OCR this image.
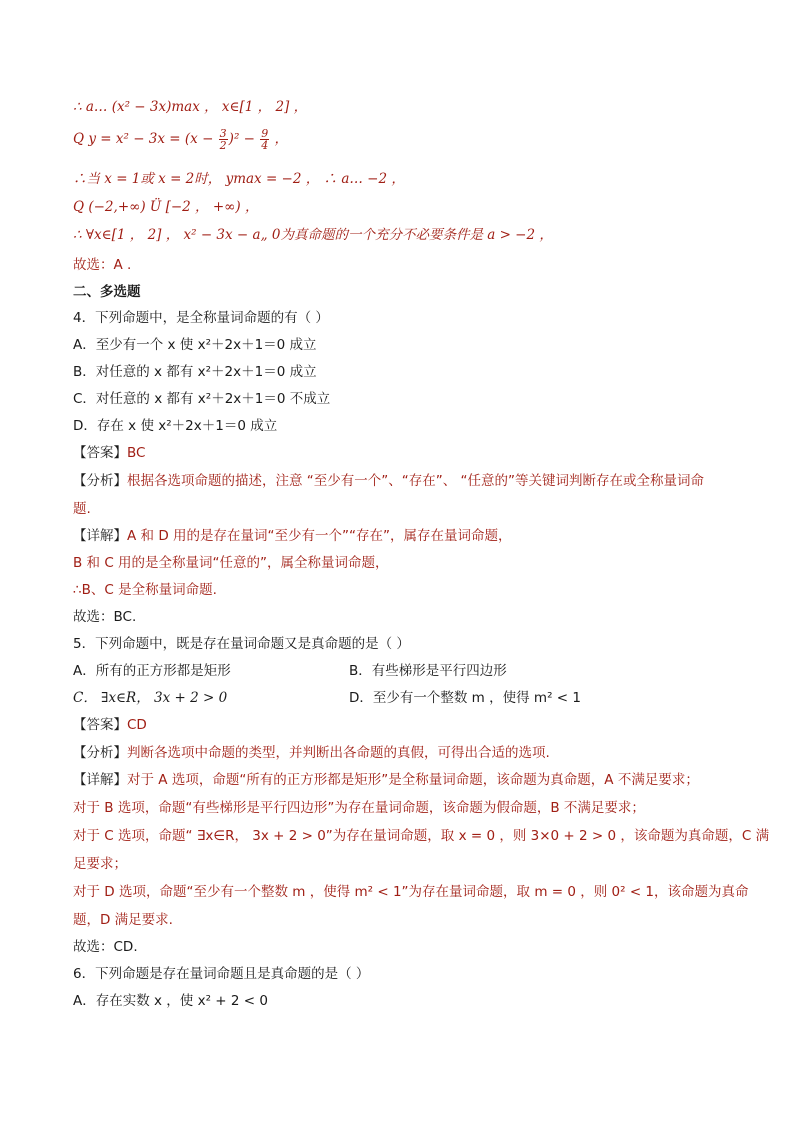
∴ a… (x² − 3x)max ， x∈[1 ， 2] ，
Q $y = x^2 - 3x = (x - \frac{3}{2} )^2 - \frac{9}{4}$ ，
∴当 x = 1或 x = 2时， ymax = −2 ， ∴ a… −2 ，
Q (−2,+∞) Ü [−2 ， +∞) ，
∴ ∀x∈[1 ， 2] ， x² − 3x − a„ 0为真命题的一个充分不必要条件是 a > −2 ，
故选：A .
二、多选题
4．下列命题中，是全称量词命题的有（ ）
A．至少有一个 x 使 x²＋2x＋1＝0 成立
B．对任意的 x 都有 x²＋2x＋1＝0 成立
C．对任意的 x 都有 x²＋2x＋1＝0 不成立
D．存在 x 使 x²＋2x＋1＝0 成立
【答案】BC
【分析】根据各选项命题的描述，注意 “至少有一个”、“存在”、 “任意的”等关键词判断存在或全称量词命
题.
【详解】A 和 D 用的是存在量词“至少有一个”“存在”，属存在量词命题，
B 和 C 用的是全称量词“任意的”，属全称量词命题，
∴B、C 是全称量词命题.
故选：BC.
5．下列命题中，既是存在量词命题又是真命题的是（ ）
A．所有的正方形都是矩形	B．有些梯形是平行四边形
C． ∃x∈R， 3x + 2 > 0	D．至少有一个整数 m ，使得 m² < 1
【答案】CD
【分析】判断各选项中命题的类型，并判断出各命题的真假，可得出合适的选项.
【详解】对于 A 选项，命题“所有的正方形都是矩形”是全称量词命题，该命题为真命题，A 不满足要求；
对于 B 选项，命题“有些梯形是平行四边形”为存在量词命题，该命题为假命题，B 不满足要求；
对于 C 选项，命题“ ∃x∈R， 3x + 2 > 0”为存在量词命题，取 x = 0 ，则 3×0 + 2 > 0 ，该命题为真命题，C 满
足要求；
对于 D 选项，命题“至少有一个整数 m ，使得 m² < 1”为存在量词命题，取 m = 0 ，则 0² < 1，该命题为真命
题，D 满足要求.
故选：CD.
6．下列命题是存在量词命题且是真命题的是（ ）
A．存在实数 x ，使 x² + 2 < 0
